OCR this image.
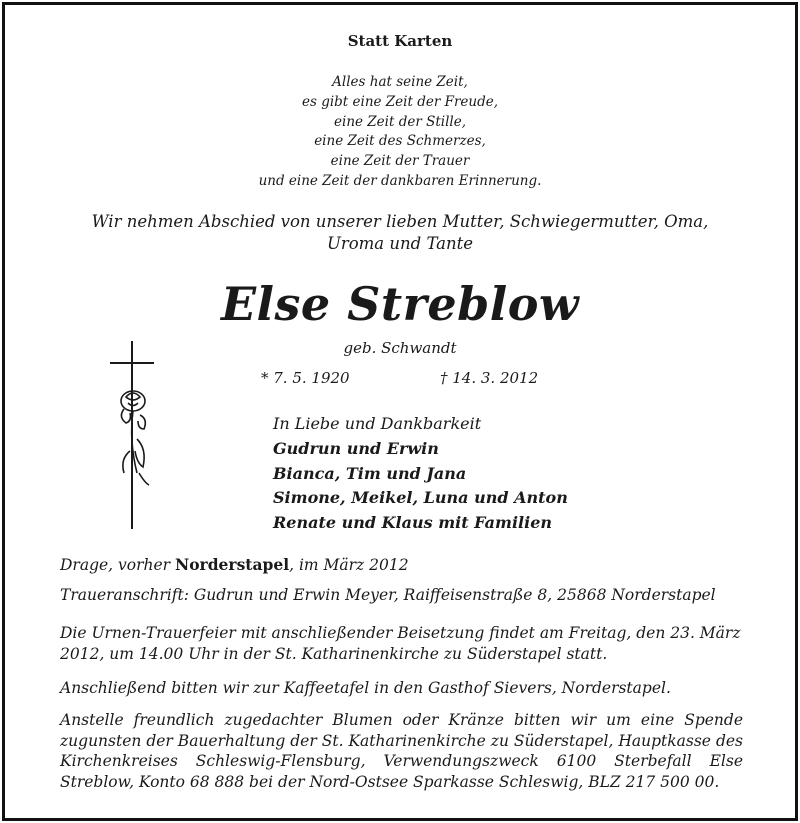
Statt Karten
Alles hat seine Zeit,
es gibt eine Zeit der Freude,
eine Zeit der Stille,
eine Zeit des Schmerzes,
eine Zeit der Trauer
und eine Zeit der dankbaren Erinnerung.
Wir nehmen Abschied von unserer lieben Mutter, Schwiegermutter, Oma,
Uroma und Tante
Else Streblow
geb. Schwandt
* 7. 5. 1920	† 14. 3. 2012
In Liebe und Dankbarkeit
Gudrun und Erwin
Bianca, Tim und Jana
Simone, Meikel, Luna und Anton
Renate und Klaus mit Familien
Drage, vorher Norderstapel, im März 2012
Traueranschrift: Gudrun und Erwin Meyer, Raiffeisenstraße 8, 25868 Norderstapel
Die Urnen-Trauerfeier mit anschließender Beisetzung findet am Freitag, den 23. März
2012, um 14.00 Uhr in der St. Katharinenkirche zu Süderstapel statt.
Anschließend bitten wir zur Kaffeetafel in den Gasthof Sievers, Norderstapel.
Anstelle freundlich zugedachter Blumen oder Kränze bitten wir um eine Spende zugunsten der Bauerhaltung der St. Katharinenkirche zu Süderstapel, Hauptkasse des Kirchenkreises Schleswig-Flensburg, Verwendungszweck 6100 Sterbefall Else Streblow, Konto 68 888 bei der Nord-Ostsee Sparkasse Schleswig, BLZ 217 500 00.
